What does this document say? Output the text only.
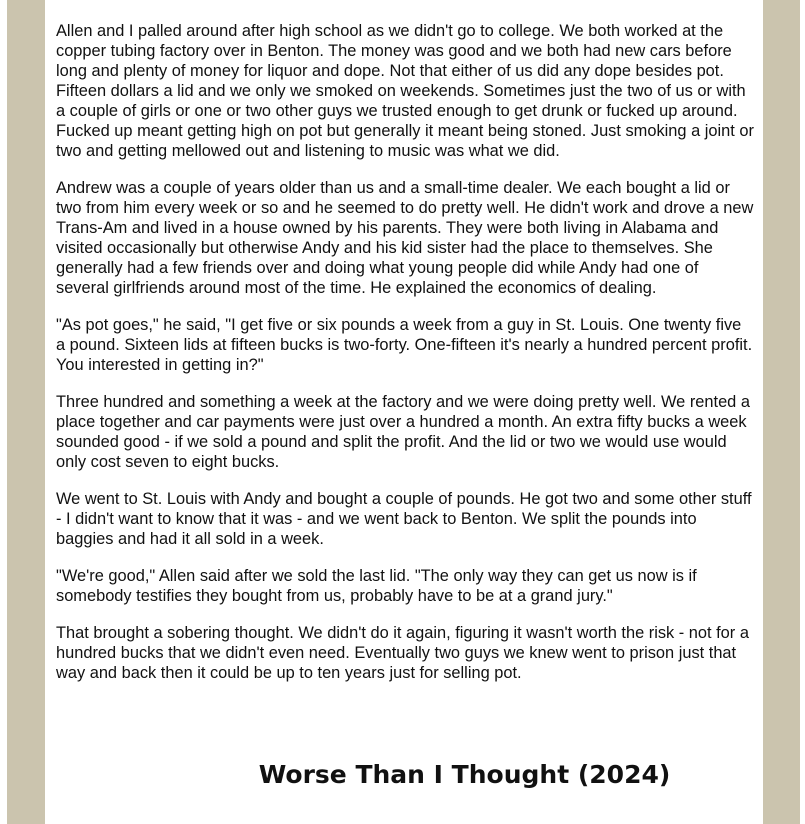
Allen and I palled around after high school as we didn't go to college. We both worked at the copper tubing factory over in Benton. The money was good and we both had new cars before long and plenty of money for liquor and dope. Not that either of us did any dope besides pot. Fifteen dollars a lid and we only we smoked on weekends. Sometimes just the two of us or with a couple of girls or one or two other guys we trusted enough to get drunk or fucked up around. Fucked up meant getting high on pot but generally it meant being stoned. Just smoking a joint or two and getting mellowed out and listening to music was what we did.

Andrew was a couple of years older than us and a small-time dealer. We each bought a lid or two from him every week or so and he seemed to do pretty well. He didn't work and drove a new Trans-Am and lived in a house owned by his parents. They were both living in Alabama and visited occasionally but otherwise Andy and his kid sister had the place to themselves. She generally had a few friends over and doing what young people did while Andy had one of several girlfriends around most of the time. He explained the economics of dealing.

"As pot goes," he said, "I get five or six pounds a week from a guy in St. Louis. One twenty five a pound. Sixteen lids at fifteen bucks is two-forty. One-fifteen it's nearly a hundred percent profit. You interested in getting in?"

Three hundred and something a week at the factory and we were doing pretty well. We rented a place together and car payments were just over a hundred a month. An extra fifty bucks a week sounded good - if we sold a pound and split the profit. And the lid or two we would use would only cost seven to eight bucks.

We went to St. Louis with Andy and bought a couple of pounds. He got two and some other stuff - I didn't want to know that it was - and we went back to Benton. We split the pounds into baggies and had it all sold in a week.

"We're good," Allen said after we sold the last lid. "The only way they can get us now is if somebody testifies they bought from us, probably have to be at a grand jury."

That brought a sobering thought. We didn't do it again, figuring it wasn't worth the risk - not for a hundred bucks that we didn't even need. Eventually two guys we knew went to prison just that way and back then it could be up to ten years just for selling pot.

Worse Than I Thought (2024)
